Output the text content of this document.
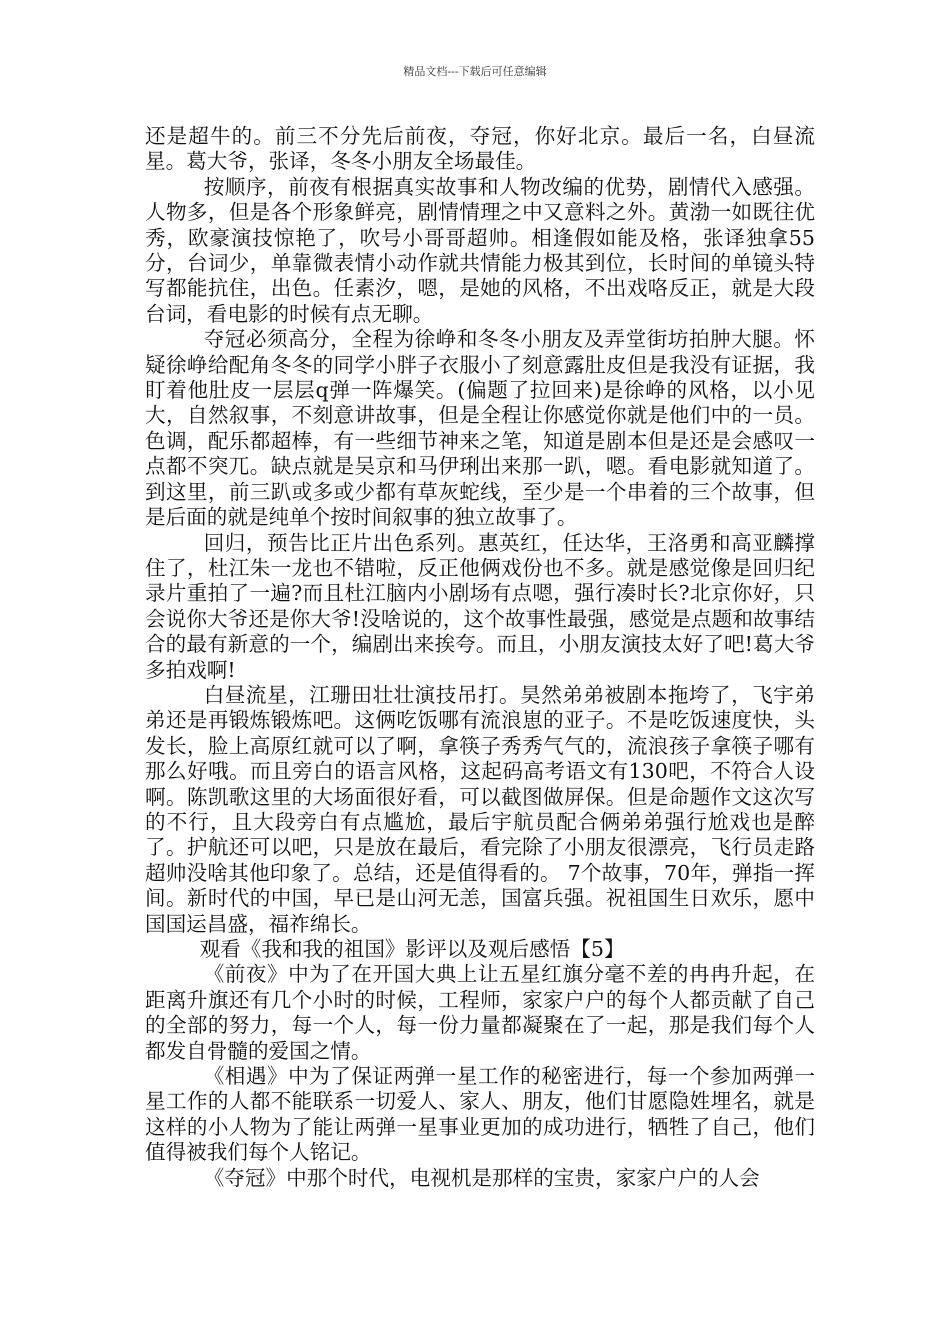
精品文档---下载后可任意编辑

还是超牛的。前三不分先后前夜，夺冠，你好北京。最后一名，白昼流星。葛大爷，张译，冬冬小朋友全场最佳。

按顺序，前夜有根据真实故事和人物改编的优势，剧情代入感强。人物多，但是各个形象鲜亮，剧情情理之中又意料之外。黄渤一如既往优秀，欧豪演技惊艳了，吹号小哥哥超帅。相逢假如能及格，张译独拿55分，台词少，单靠微表情小动作就共情能力极其到位，长时间的单镜头特写都能抗住，出色。任素汐，嗯，是她的风格，不出戏咯反正，就是大段台词，看电影的时候有点无聊。

夺冠必须高分，全程为徐峥和冬冬小朋友及弄堂街坊拍肿大腿。怀疑徐峥给配角冬冬的同学小胖子衣服小了刻意露肚皮但是我没有证据，我盯着他肚皮一层层q弹一阵爆笑。(偏题了拉回来)是徐峥的风格，以小见大，自然叙事，不刻意讲故事，但是全程让你感觉你就是他们中的一员。色调，配乐都超棒，有一些细节神来之笔，知道是剧本但是还是会感叹一点都不突兀。缺点就是吴京和马伊琍出来那一趴，嗯。看电影就知道了。到这里，前三趴或多或少都有草灰蛇线，至少是一个串着的三个故事，但是后面的就是纯单个按时间叙事的独立故事了。

回归，预告比正片出色系列。惠英红，任达华，王洛勇和高亚麟撑住了，杜江朱一龙也不错啦，反正他俩戏份也不多。就是感觉像是回归纪录片重拍了一遍?而且杜江脑内小剧场有点嗯，强行凑时长?北京你好，只会说你大爷还是你大爷!没啥说的，这个故事性最强，感觉是点题和故事结合的最有新意的一个，编剧出来挨夸。而且，小朋友演技太好了吧!葛大爷多拍戏啊!

白昼流星，江珊田壮壮演技吊打。昊然弟弟被剧本拖垮了，飞宇弟弟还是再锻炼锻炼吧。这俩吃饭哪有流浪崽的亚子。不是吃饭速度快，头发长，脸上高原红就可以了啊，拿筷子秀秀气气的，流浪孩子拿筷子哪有那么好哦。而且旁白的语言风格，这起码高考语文有130吧，不符合人设啊。陈凯歌这里的大场面很好看，可以截图做屏保。但是命题作文这次写的不行，且大段旁白有点尴尬，最后宇航员配合俩弟弟强行尬戏也是醉了。护航还可以吧，只是放在最后，看完除了小朋友很漂亮，飞行员走路超帅没啥其他印象了。总结，还是值得看的。 7个故事，70年，弹指一挥间。新时代的中国，早已是山河无恙，国富兵强。祝祖国生日欢乐，愿中国国运昌盛，福祚绵长。

观看《我和我的祖国》影评以及观后感悟【5】

《前夜》中为了在开国大典上让五星红旗分毫不差的冉冉升起，在距离升旗还有几个小时的时候，工程师，家家户户的每个人都贡献了自己的全部的努力，每一个人，每一份力量都凝聚在了一起，那是我们每个人都发自骨髓的爱国之情。

《相遇》中为了保证两弹一星工作的秘密进行，每一个参加两弹一星工作的人都不能联系一切爱人、家人、朋友，他们甘愿隐姓埋名，就是这样的小人物为了能让两弹一星事业更加的成功进行，牺牲了自己，他们值得被我们每个人铭记。

《夺冠》中那个时代，电视机是那样的宝贵，家家户户的人会
